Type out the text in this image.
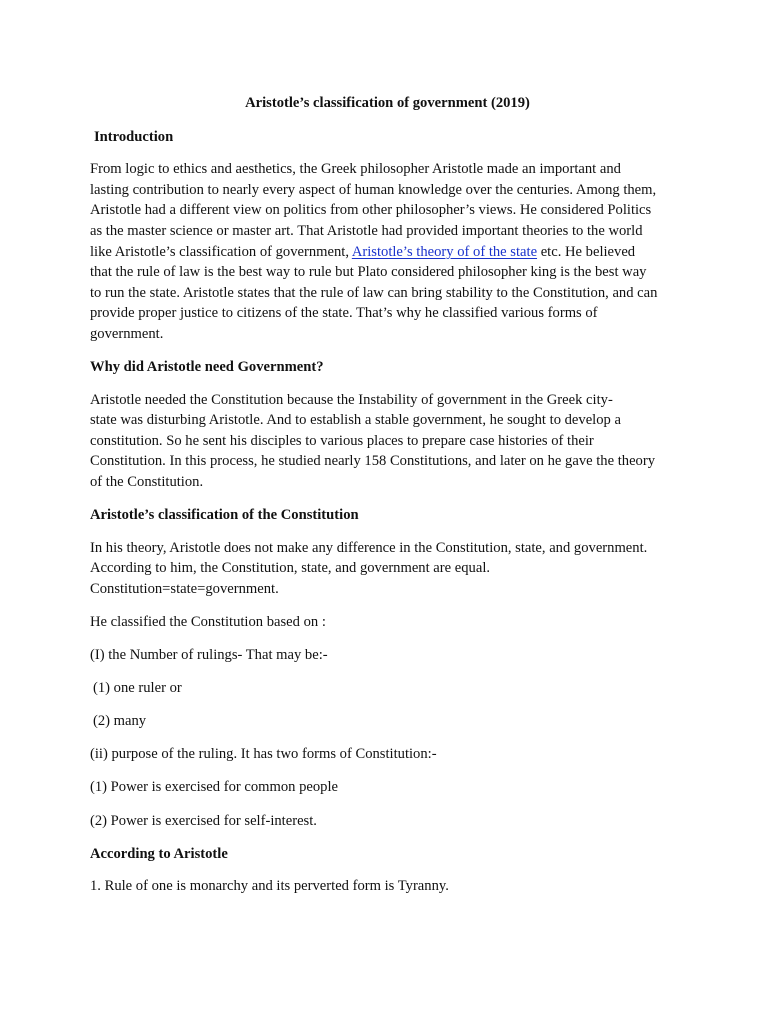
Aristotle’s classification of government (2019)
Introduction
From logic to ethics and aesthetics, the Greek philosopher Aristotle made an important and
lasting contribution to nearly every aspect of human knowledge over the centuries. Among them,
Aristotle had a different view on politics from other philosopher’s views. He considered Politics
as the master science or master art. That Aristotle had provided important theories to the world
like Aristotle’s classification of government, Aristotle’s theory of of the state etc. He believed
that the rule of law is the best way to rule but Plato considered philosopher king is the best way
to run the state. Aristotle states that the rule of law can bring stability to the Constitution, and can
provide proper justice to citizens of the state. That’s why he classified various forms of
government.
Why did Aristotle need Government?
Aristotle needed the Constitution because the Instability of government in the Greek city-
state was disturbing Aristotle. And to establish a stable government, he sought to develop a
constitution. So he sent his disciples to various places to prepare case histories of their
Constitution. In this process, he studied nearly 158 Constitutions, and later on he gave the theory
of the Constitution.
Aristotle’s classification of the Constitution
In his theory, Aristotle does not make any difference in the Constitution, state, and government.
According to him, the Constitution, state, and government are equal.
Constitution=state=government.
He classified the Constitution based on :
(I) the Number of rulings- That may be:-
(1) one ruler or
(2) many
(ii) purpose of the ruling. It has two forms of Constitution:-
(1) Power is exercised for common people
(2) Power is exercised for self-interest.
According to Aristotle
1. Rule of one is monarchy and its perverted form is Tyranny.
